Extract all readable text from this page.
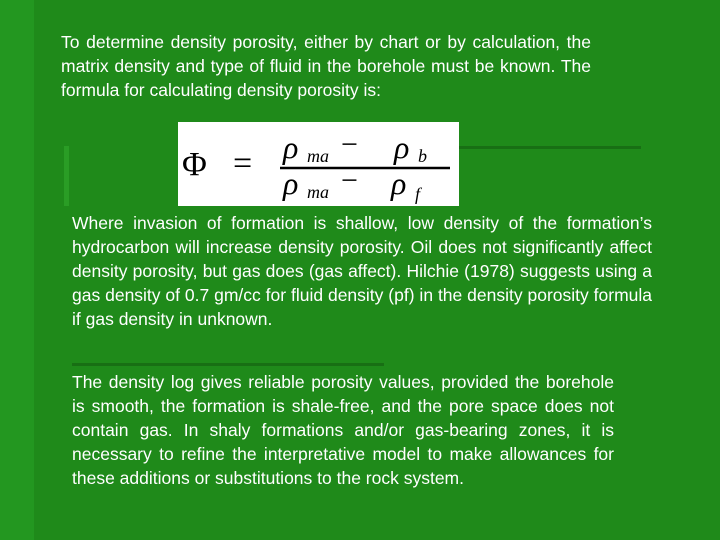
To determine density porosity, either by chart or by calculation, the matrix density and type of fluid in the borehole must be known. The formula for calculating density porosity is:

Φ = ρ ma − ρ b
ρ ma − ρ f

Where invasion of formation is shallow, low density of the formation’s hydrocarbon will increase density porosity. Oil does not significantly affect density porosity, but gas does (gas affect). Hilchie (1978) suggests using a gas density of 0.7 gm/cc for fluid density (pf) in the density porosity formula if gas density in unknown.

The density log gives reliable porosity values, provided the borehole is smooth, the formation is shale-free, and the pore space does not contain gas. In shaly formations and/or gas-bearing zones, it is necessary to refine the interpretative model to make allowances for these additions or substitutions to the rock system.
